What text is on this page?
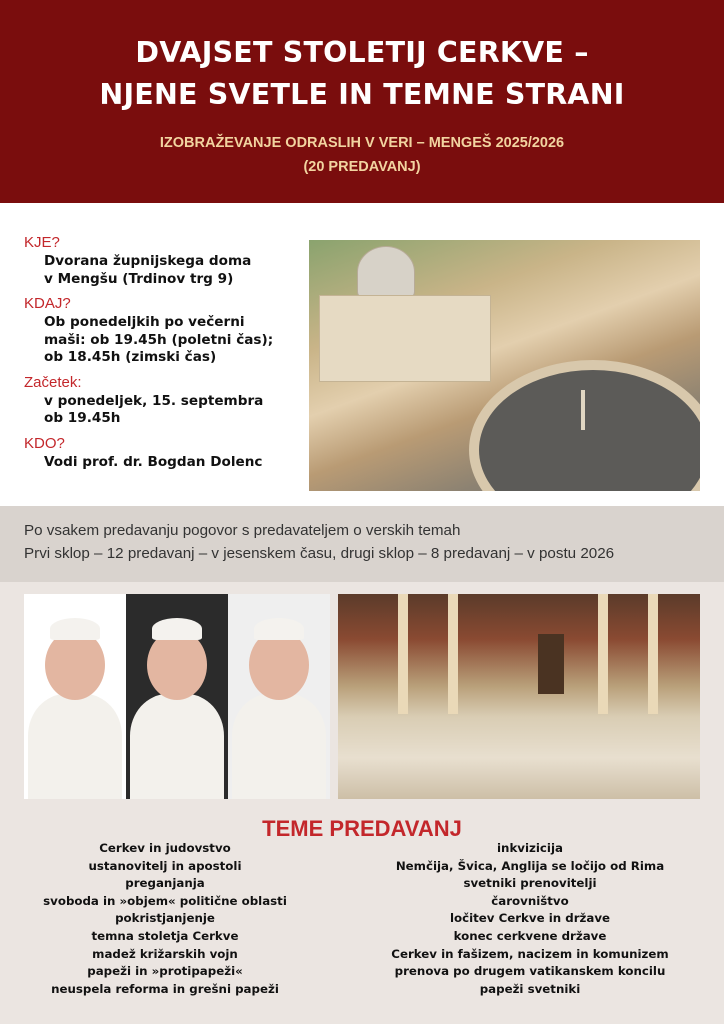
DVAJSET STOLETIJ CERKVE –
NJENE SVETLE IN TEMNE STRANI
IZOBRAŽEVANJE ODRASLIH V VERI – MENGEŠ 2025/2026
(20 PREDAVANJ)
KJE?
Dvorana župnijskega doma
v Mengšu (Trdinov trg 9)
KDAJ?
Ob ponedeljkih po večerni
maši: ob 19.45h (poletni čas);
ob 18.45h (zimski čas)
Začetek:
v ponedeljek, 15. septembra
ob 19.45h
KDO?
Vodi prof. dr. Bogdan Dolenc
Po vsakem predavanju pogovor s predavateljem o verskih temah
Prvi sklop – 12 predavanj – v jesenskem času, drugi sklop – 8 predavanj – v postu 2026
TEME PREDAVANJ
Cerkev in judovstvo
ustanovitelj in apostoli
preganjanja
svoboda in »objem« politične oblasti
pokristjanjenje
temna stoletja Cerkve
madež križarskih vojn
papeži in »protipapeži«
neuspela reforma in grešni papeži
inkvizicija
Nemčija, Švica, Anglija se ločijo od Rima
svetniki prenovitelji
čarovništvo
ločitev Cerkve in države
konec cerkvene države
Cerkev in fašizem, nacizem in komunizem
prenova po drugem vatikanskem koncilu
papeži svetniki
